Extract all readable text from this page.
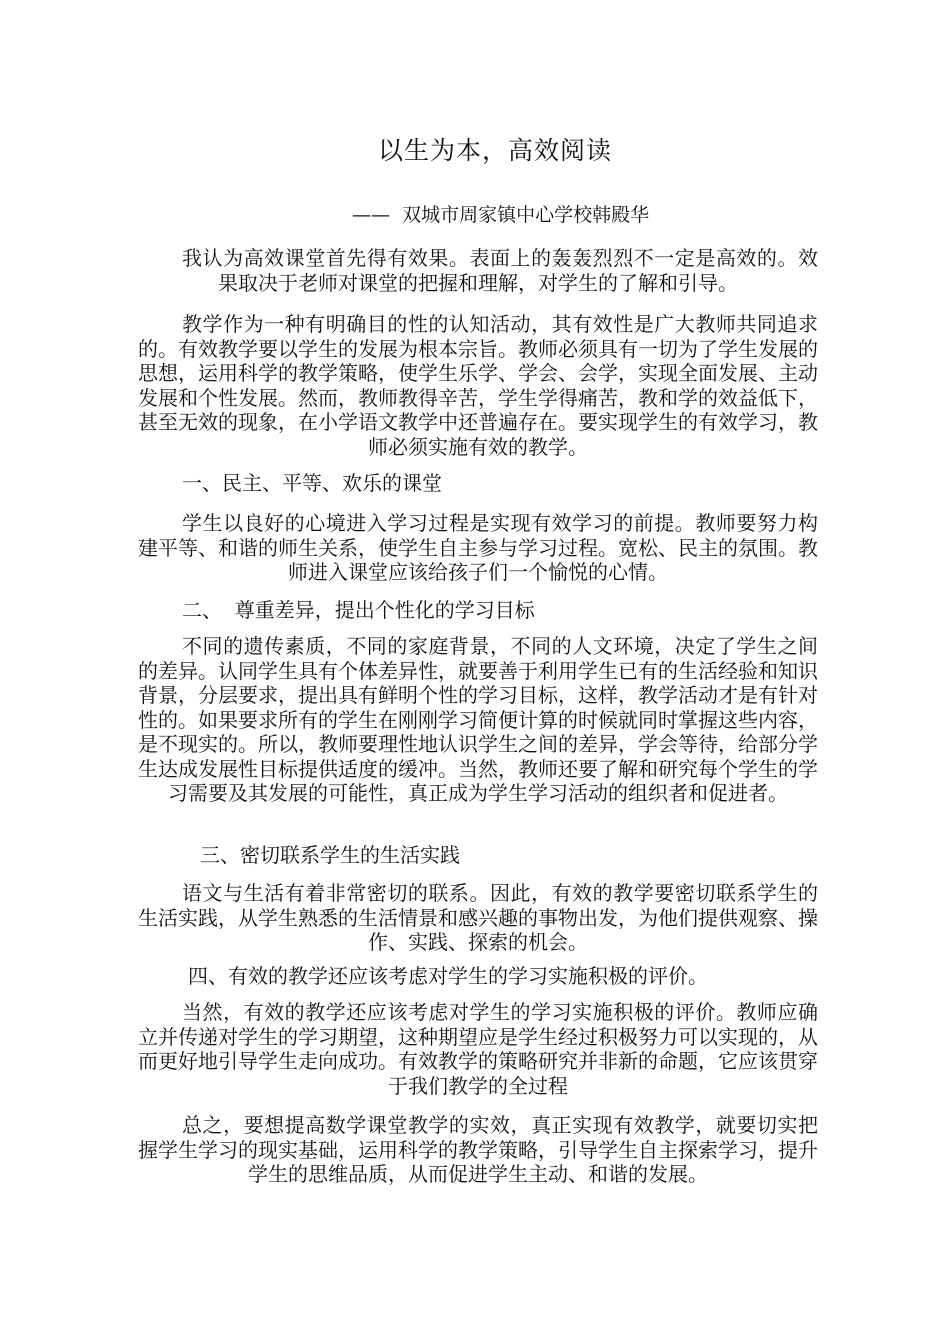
以生为本，高效阅读
——  双城市周家镇中心学校韩殿华

我认为高效课堂首先得有效果。表面上的轰轰烈烈不一定是高效的。效果取决于老师对课堂的把握和理解，对学生的了解和引导。

教学作为一种有明确目的性的认知活动，其有效性是广大教师共同追求的。有效教学要以学生的发展为根本宗旨。教师必须具有一切为了学生发展的思想，运用科学的教学策略，使学生乐学、学会、会学，实现全面发展、主动发展和个性发展。然而，教师教得辛苦，学生学得痛苦，教和学的效益低下，甚至无效的现象，在小学语文教学中还普遍存在。要实现学生的有效学习，教师必须实施有效的教学。

一、民主、平等、欢乐的课堂

学生以良好的心境进入学习过程是实现有效学习的前提。教师要努力构建平等、和谐的师生关系，使学生自主参与学习过程。宽松、民主的氛围。教师进入课堂应该给孩子们一个愉悦的心情。

二、  尊重差异，提出个性化的学习目标

不同的遗传素质，不同的家庭背景，不同的人文环境，决定了学生之间的差异。认同学生具有个体差异性，就要善于利用学生已有的生活经验和知识背景，分层要求，提出具有鲜明个性的学习目标，这样，教学活动才是有针对性的。如果要求所有的学生在刚刚学习简便计算的时候就同时掌握这些内容，是不现实的。所以，教师要理性地认识学生之间的差异，学会等待，给部分学生达成发展性目标提供适度的缓冲。当然，教师还要了解和研究每个学生的学习需要及其发展的可能性，真正成为学生学习活动的组织者和促进者。

三、密切联系学生的生活实践

语文与生活有着非常密切的联系。因此，有效的教学要密切联系学生的生活实践，从学生熟悉的生活情景和感兴趣的事物出发，为他们提供观察、操作、实践、探索的机会。

四、有效的教学还应该考虑对学生的学习实施积极的评价。

当然，有效的教学还应该考虑对学生的学习实施积极的评价。教师应确立并传递对学生的学习期望，这种期望应是学生经过积极努力可以实现的，从而更好地引导学生走向成功。有效教学的策略研究并非新的命题，它应该贯穿于我们教学的全过程

总之，要想提高数学课堂教学的实效，真正实现有效教学，就要切实把握学生学习的现实基础，运用科学的教学策略，引导学生自主探索学习，提升学生的思维品质，从而促进学生主动、和谐的发展。
